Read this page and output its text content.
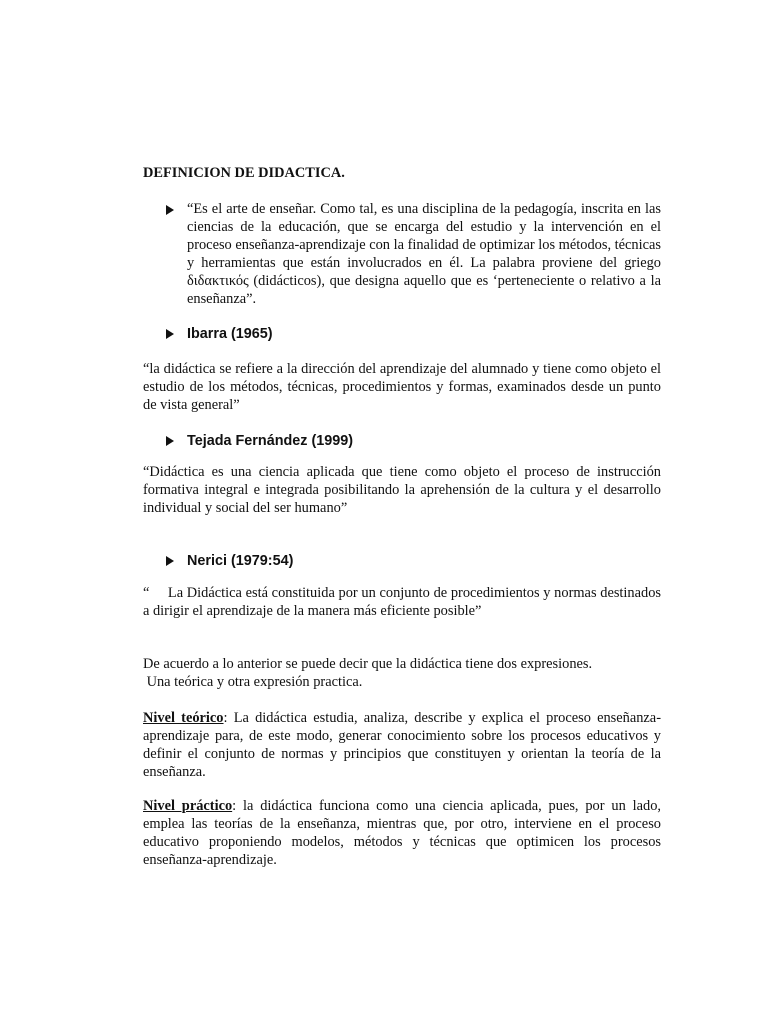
DEFINICION DE DIDACTICA.
“Es el arte de enseñar. Como tal, es una disciplina de la pedagogía, inscrita en las ciencias de la educación, que se encarga del estudio y la intervención en el proceso enseñanza-aprendizaje con la finalidad de optimizar los métodos, técnicas y herramientas que están involucrados en él. La palabra proviene del griego διδακτικός (didácticos), que designa aquello que es ‘perteneciente o relativo a la enseñanza”.
Ibarra (1965)
“la didáctica se refiere a la dirección del aprendizaje del alumnado y tiene como objeto el estudio de los métodos, técnicas, procedimientos y formas, examinados desde un punto de vista general”
Tejada Fernández (1999)
“Didáctica es una ciencia aplicada que tiene como objeto el proceso de instrucción formativa integral e integrada posibilitando la aprehensión de la cultura y el desarrollo individual y social del ser humano”
Nerici (1979:54)
“     La Didáctica está constituida por un conjunto de procedimientos y normas destinados a dirigir el aprendizaje de la manera más eficiente posible”
De acuerdo a lo anterior se puede decir que la didáctica tiene dos expresiones.
Una teórica y otra expresión practica.
Nivel teórico: La didáctica estudia, analiza, describe y explica el proceso enseñanza-aprendizaje para, de este modo, generar conocimiento sobre los procesos educativos y definir el conjunto de normas y principios que constituyen y orientan la teoría de la enseñanza.
Nivel práctico: la didáctica funciona como una ciencia aplicada, pues, por un lado, emplea las teorías de la enseñanza, mientras que, por otro, interviene en el proceso educativo proponiendo modelos, métodos y técnicas que optimicen los procesos enseñanza-aprendizaje.
